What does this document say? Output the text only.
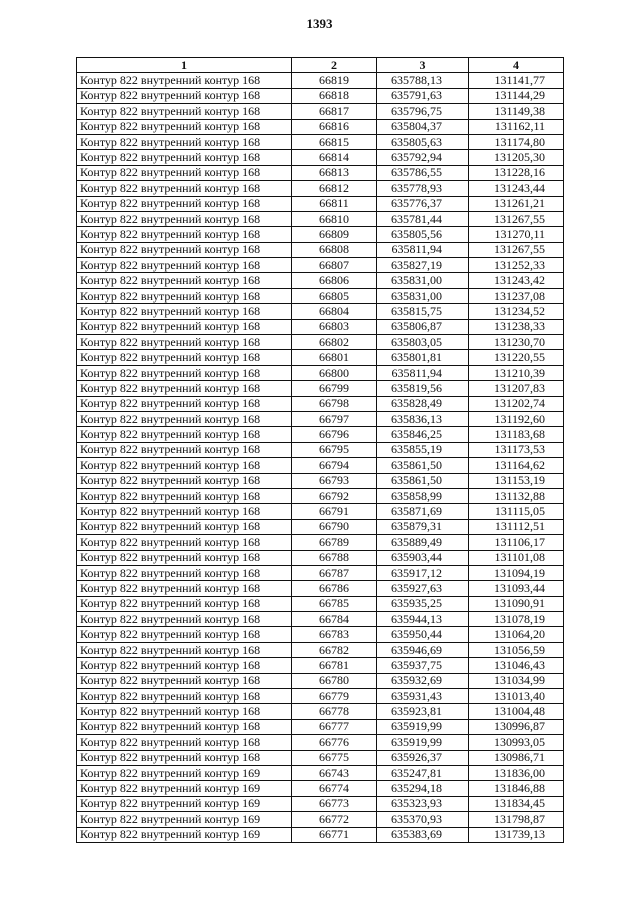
1393
1	2	3	4
Контур 822 внутренний контур 168	66819	635788,13	131141,77
Контур 822 внутренний контур 168	66818	635791,63	131144,29
Контур 822 внутренний контур 168	66817	635796,75	131149,38
Контур 822 внутренний контур 168	66816	635804,37	131162,11
Контур 822 внутренний контур 168	66815	635805,63	131174,80
Контур 822 внутренний контур 168	66814	635792,94	131205,30
Контур 822 внутренний контур 168	66813	635786,55	131228,16
Контур 822 внутренний контур 168	66812	635778,93	131243,44
Контур 822 внутренний контур 168	66811	635776,37	131261,21
Контур 822 внутренний контур 168	66810	635781,44	131267,55
Контур 822 внутренний контур 168	66809	635805,56	131270,11
Контур 822 внутренний контур 168	66808	635811,94	131267,55
Контур 822 внутренний контур 168	66807	635827,19	131252,33
Контур 822 внутренний контур 168	66806	635831,00	131243,42
Контур 822 внутренний контур 168	66805	635831,00	131237,08
Контур 822 внутренний контур 168	66804	635815,75	131234,52
Контур 822 внутренний контур 168	66803	635806,87	131238,33
Контур 822 внутренний контур 168	66802	635803,05	131230,70
Контур 822 внутренний контур 168	66801	635801,81	131220,55
Контур 822 внутренний контур 168	66800	635811,94	131210,39
Контур 822 внутренний контур 168	66799	635819,56	131207,83
Контур 822 внутренний контур 168	66798	635828,49	131202,74
Контур 822 внутренний контур 168	66797	635836,13	131192,60
Контур 822 внутренний контур 168	66796	635846,25	131183,68
Контур 822 внутренний контур 168	66795	635855,19	131173,53
Контур 822 внутренний контур 168	66794	635861,50	131164,62
Контур 822 внутренний контур 168	66793	635861,50	131153,19
Контур 822 внутренний контур 168	66792	635858,99	131132,88
Контур 822 внутренний контур 168	66791	635871,69	131115,05
Контур 822 внутренний контур 168	66790	635879,31	131112,51
Контур 822 внутренний контур 168	66789	635889,49	131106,17
Контур 822 внутренний контур 168	66788	635903,44	131101,08
Контур 822 внутренний контур 168	66787	635917,12	131094,19
Контур 822 внутренний контур 168	66786	635927,63	131093,44
Контур 822 внутренний контур 168	66785	635935,25	131090,91
Контур 822 внутренний контур 168	66784	635944,13	131078,19
Контур 822 внутренний контур 168	66783	635950,44	131064,20
Контур 822 внутренний контур 168	66782	635946,69	131056,59
Контур 822 внутренний контур 168	66781	635937,75	131046,43
Контур 822 внутренний контур 168	66780	635932,69	131034,99
Контур 822 внутренний контур 168	66779	635931,43	131013,40
Контур 822 внутренний контур 168	66778	635923,81	131004,48
Контур 822 внутренний контур 168	66777	635919,99	130996,87
Контур 822 внутренний контур 168	66776	635919,99	130993,05
Контур 822 внутренний контур 168	66775	635926,37	130986,71
Контур 822 внутренний контур 169	66743	635247,81	131836,00
Контур 822 внутренний контур 169	66774	635294,18	131846,88
Контур 822 внутренний контур 169	66773	635323,93	131834,45
Контур 822 внутренний контур 169	66772	635370,93	131798,87
Контур 822 внутренний контур 169	66771	635383,69	131739,13
